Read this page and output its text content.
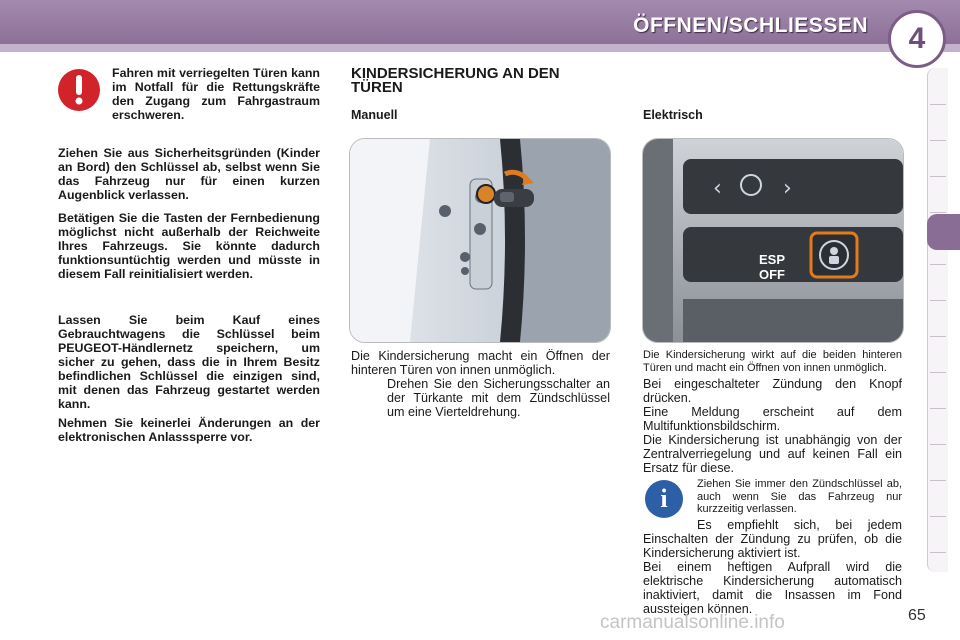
ÖFFNEN/SCHLIESSEN	4
Fahren mit verriegelten Türen kann im Notfall für die Rettungskräfte den Zugang zum Fahrgastraum erschweren.
Ziehen Sie aus Sicherheitsgründen (Kinder an Bord) den Schlüssel ab, selbst wenn Sie das Fahrzeug nur für einen kurzen Augenblick verlassen.
Betätigen Sie die Tasten der Fernbedienung möglichst nicht außerhalb der Reichweite Ihres Fahrzeugs. Sie könnte dadurch funktionsuntüchtig werden und müsste in diesem Fall reinitialisiert werden.
Lassen Sie beim Kauf eines Gebrauchtwagens die Schlüssel beim PEUGEOT-Händlernetz speichern, um sicher zu gehen, dass die in Ihrem Besitz befindlichen Schlüssel die einzigen sind, mit denen das Fahrzeug gestartet werden kann.
Nehmen Sie keinerlei Änderungen an der elektronischen Anlasssperre vor.
KINDERSICHERUNG AN DEN TÜREN
Manuell	Elektrisch
‹	›
ESP
OFF
Die Kindersicherung macht ein Öffnen der hinteren Türen von innen unmöglich.
Drehen Sie den Sicherungsschalter an der Türkante mit dem Zündschlüssel um eine Vierteldrehung.
Die Kindersicherung wirkt auf die beiden hinteren Türen und macht ein Öffnen von innen unmöglich.
Bei eingeschalteter Zündung den Knopf drücken.
Eine Meldung erscheint auf dem Multifunktionsbildschirm.
Die Kindersicherung ist unabhängig von der Zentralverriegelung und auf keinen Fall ein Ersatz für diese.
i	Ziehen Sie immer den Zündschlüssel ab, auch wenn Sie das Fahrzeug nur kurzzeitig verlassen.
Es empfiehlt sich, bei jedem Einschalten der Zündung zu prüfen, ob die Kindersicherung aktiviert ist.
Bei einem heftigen Aufprall wird die elektrische Kindersicherung automatisch inaktiviert, damit die Insassen im Fond aussteigen können.
carmanualsonline.info	65
